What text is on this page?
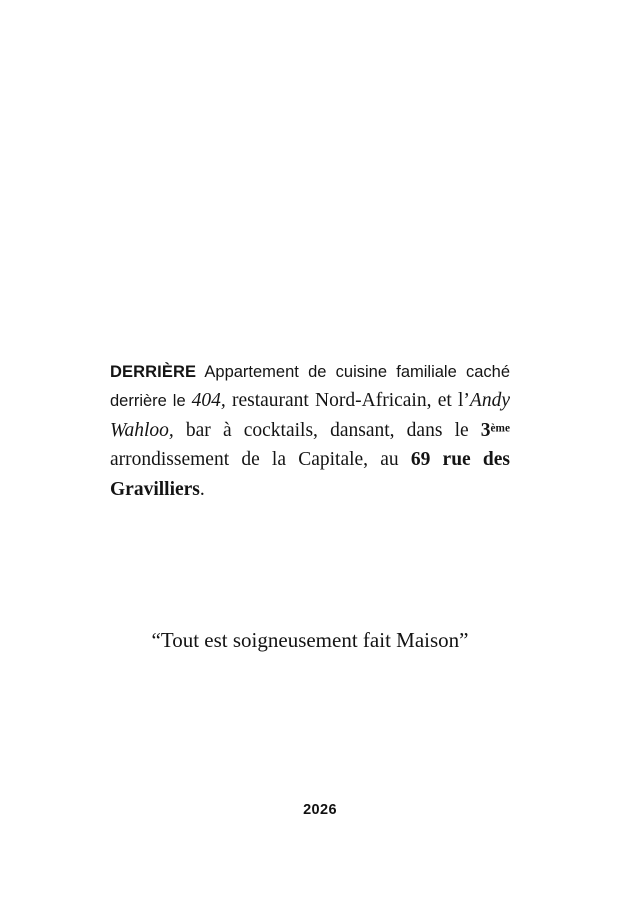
DERRIÈRE Appartement de cuisine familiale caché derrière le 404, restaurant Nord-Africain, et l’Andy Wahloo, bar à cocktails, dansant, dans le 3ème arrondissement de la Capitale, au 69 rue des Gravilliers.

“Tout est soigneusement fait Maison”
2026
